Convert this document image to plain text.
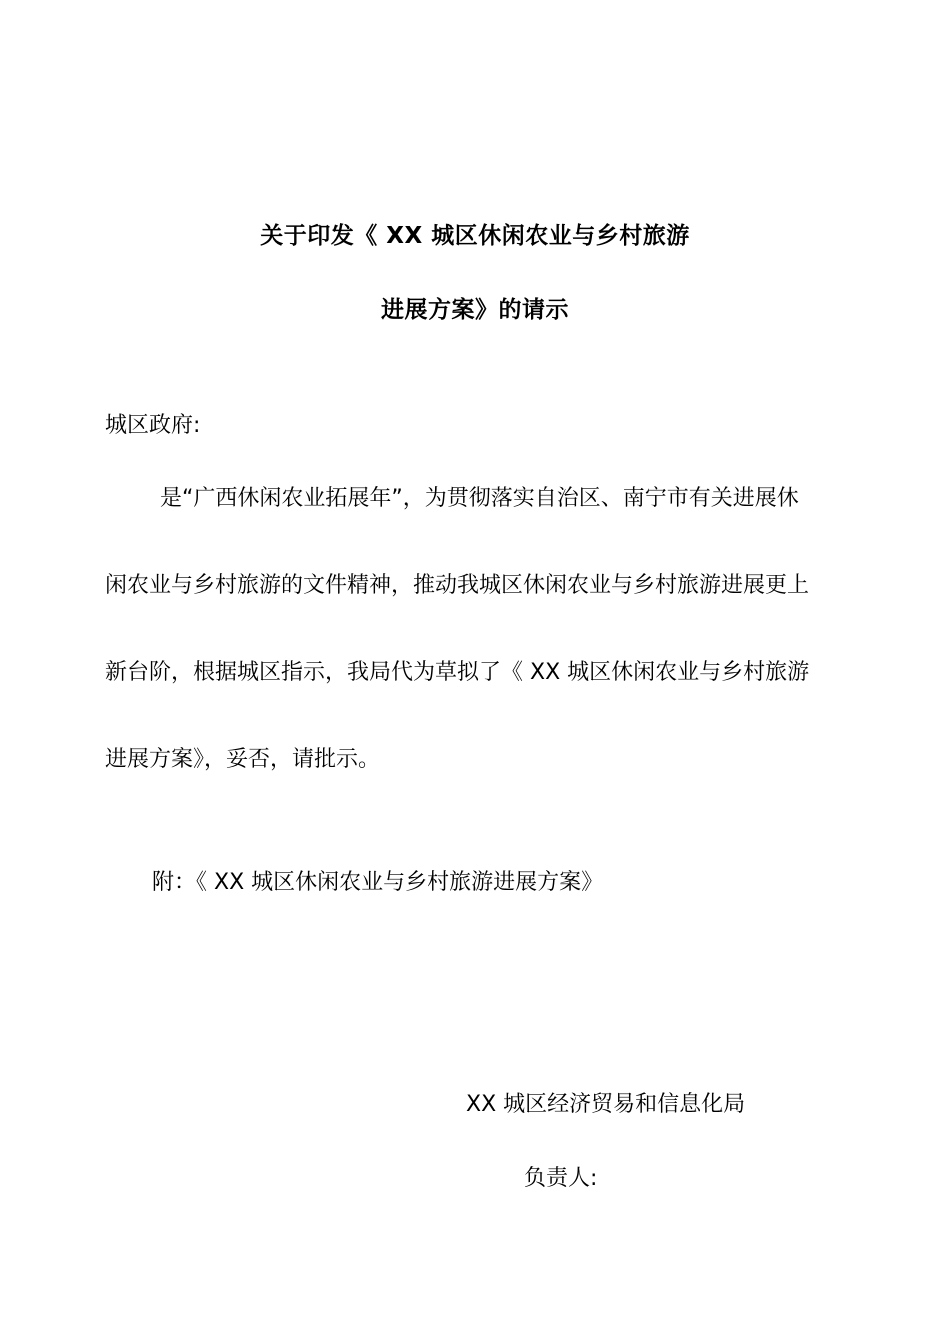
关于印发《 XX 城区休闲农业与乡村旅游
进展方案》的请示
城区政府:
是“广西休闲农业拓展年”，为贯彻落实自治区、南宁市有关进展休
闲农业与乡村旅游的文件精神，推动我城区休闲农业与乡村旅游进展更上
新台阶，根据城区指示，我局代为草拟了《 XX 城区休闲农业与乡村旅游
进展方案》，妥否，请批示。
附：《 XX 城区休闲农业与乡村旅游进展方案》
XX 城区经济贸易和信息化局
负责人:
